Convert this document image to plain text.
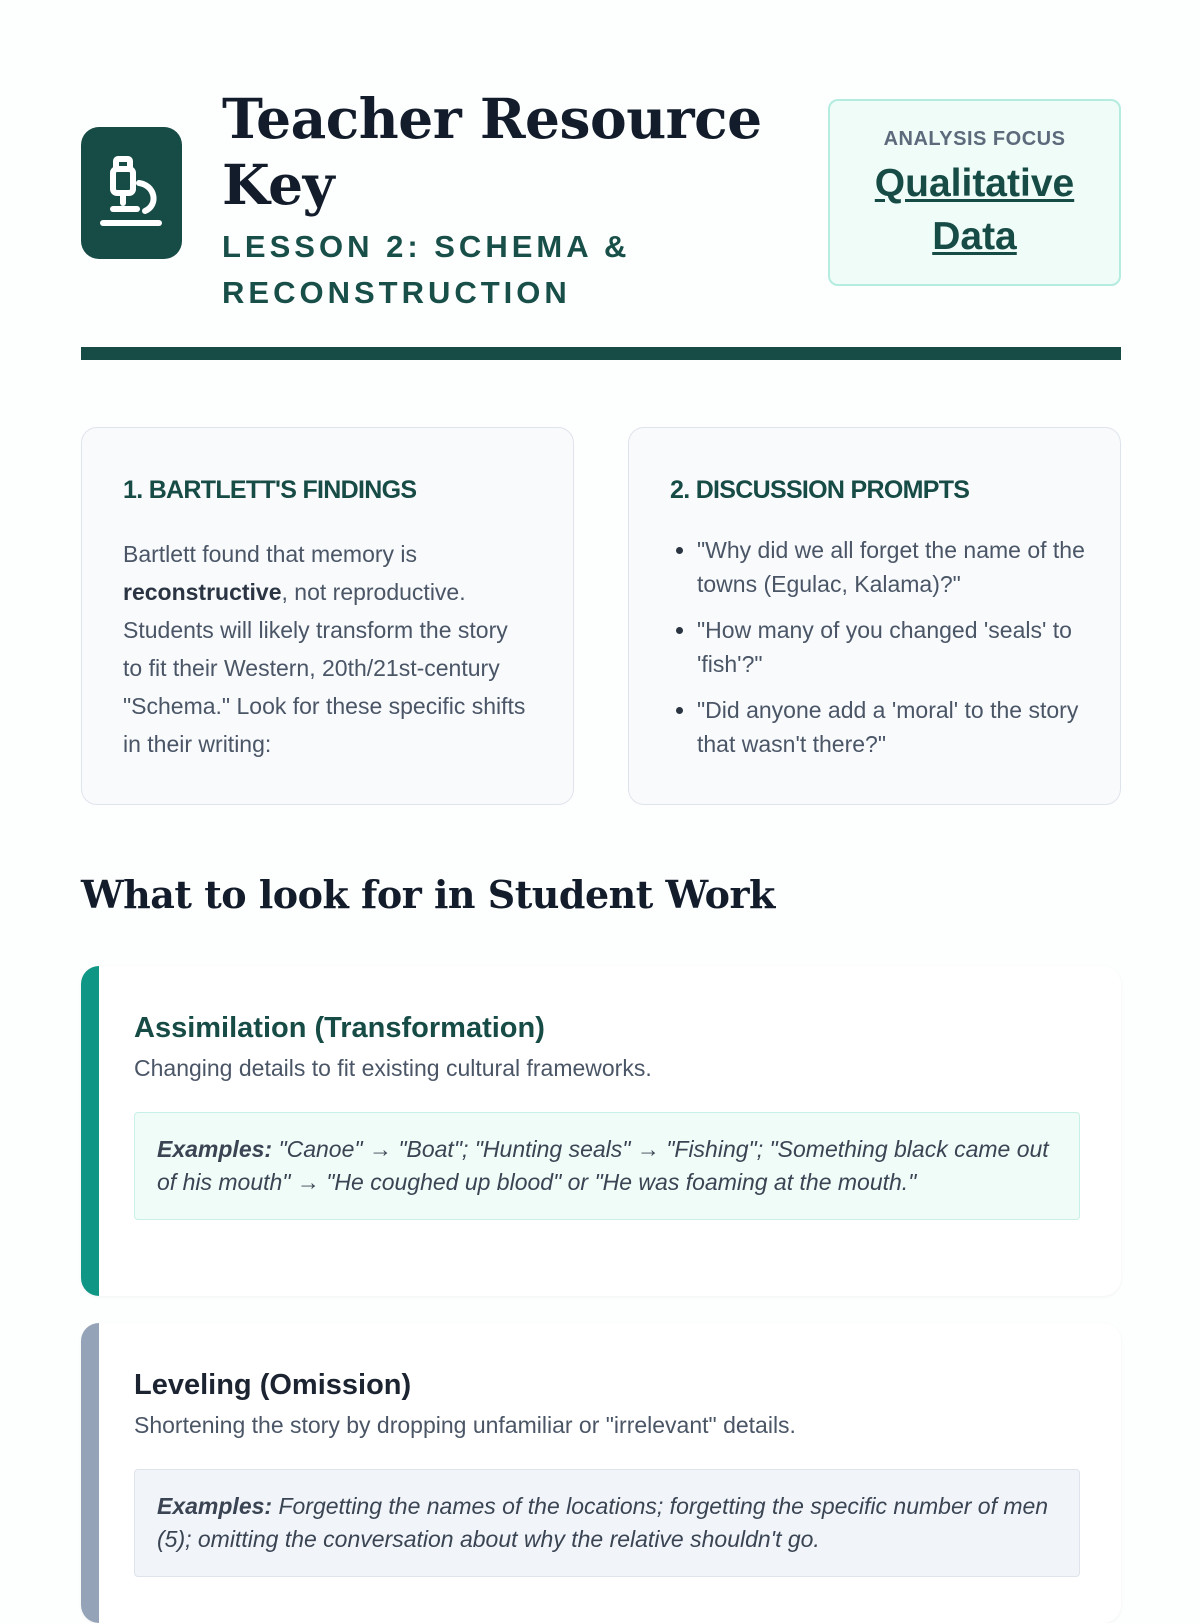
Teacher Resource Key
LESSON 2: SCHEMA & RECONSTRUCTION
ANALYSIS FOCUS
Qualitative Data
1. BARTLETT'S FINDINGS

Bartlett found that memory is reconstructive, not reproductive. Students will likely transform the story to fit their Western, 20th/21st-century "Schema." Look for these specific shifts in their writing:

2. DISCUSSION PROMPTS
• "Why did we all forget the name of the towns (Egulac, Kalama)?"
• "How many of you changed 'seals' to 'fish'?"
• "Did anyone add a 'moral' to the story that wasn't there?"
What to look for in Student Work
Assimilation (Transformation)
Changing details to fit existing cultural frameworks.
Examples: "Canoe" → "Boat"; "Hunting seals" → "Fishing"; "Something black came out of his mouth" → "He coughed up blood" or "He was foaming at the mouth."
Leveling (Omission)
Shortening the story by dropping unfamiliar or "irrelevant" details.
Examples: Forgetting the names of the locations; forgetting the specific number of men (5); omitting the conversation about why the relative shouldn't go.
